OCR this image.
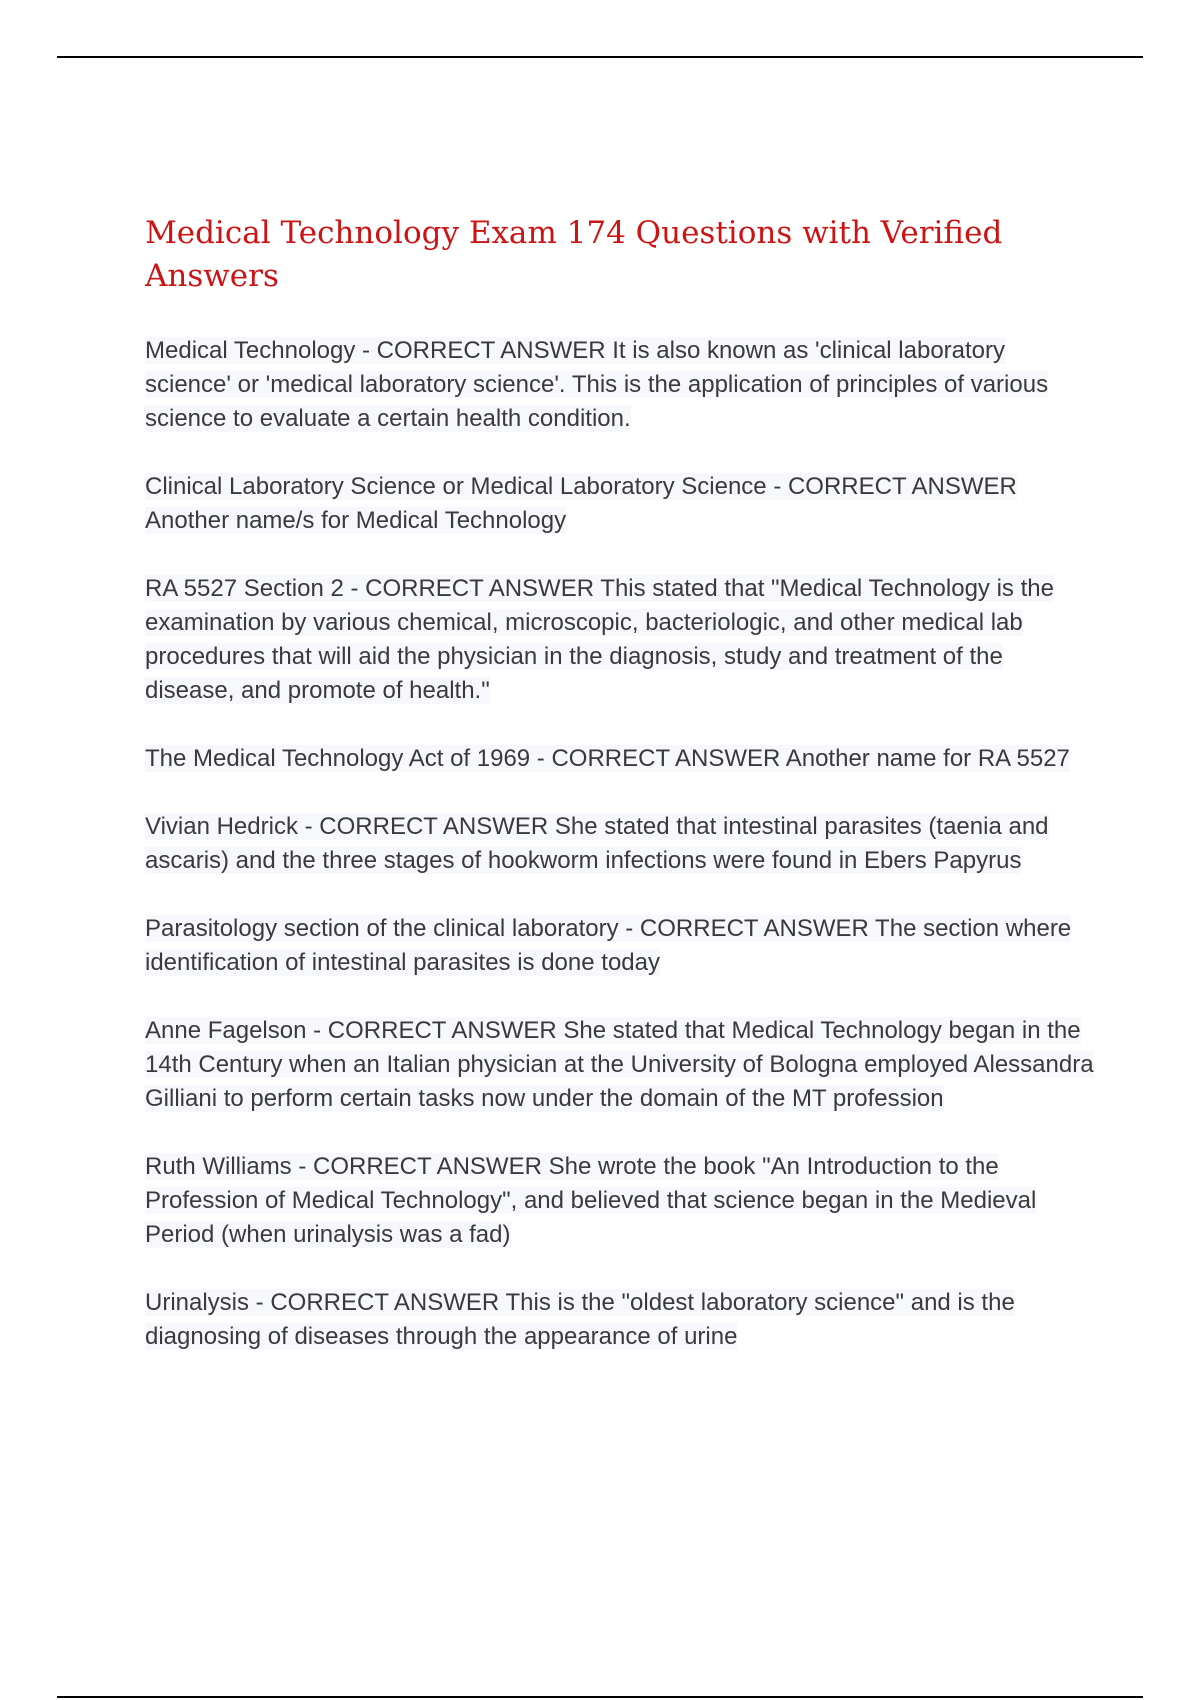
Medical Technology Exam 174 Questions with Verified Answers
Medical Technology - CORRECT ANSWER It is also known as 'clinical laboratory science' or 'medical laboratory science'. This is the application of principles of various science to evaluate a certain health condition.
Clinical Laboratory Science or Medical Laboratory Science - CORRECT ANSWER Another name/s for Medical Technology
RA 5527 Section 2 - CORRECT ANSWER This stated that "Medical Technology is the examination by various chemical, microscopic, bacteriologic, and other medical lab procedures that will aid the physician in the diagnosis, study and treatment of the disease, and promote of health."
The Medical Technology Act of 1969 - CORRECT ANSWER Another name for RA 5527
Vivian Hedrick - CORRECT ANSWER She stated that intestinal parasites (taenia and ascaris) and the three stages of hookworm infections were found in Ebers Papyrus
Parasitology section of the clinical laboratory - CORRECT ANSWER The section where identification of intestinal parasites is done today
Anne Fagelson - CORRECT ANSWER She stated that Medical Technology began in the 14th Century when an Italian physician at the University of Bologna employed Alessandra Gilliani to perform certain tasks now under the domain of the MT profession
Ruth Williams - CORRECT ANSWER She wrote the book "An Introduction to the Profession of Medical Technology", and believed that science began in the Medieval Period (when urinalysis was a fad)
Urinalysis - CORRECT ANSWER This is the "oldest laboratory science" and is the diagnosing of diseases through the appearance of urine
